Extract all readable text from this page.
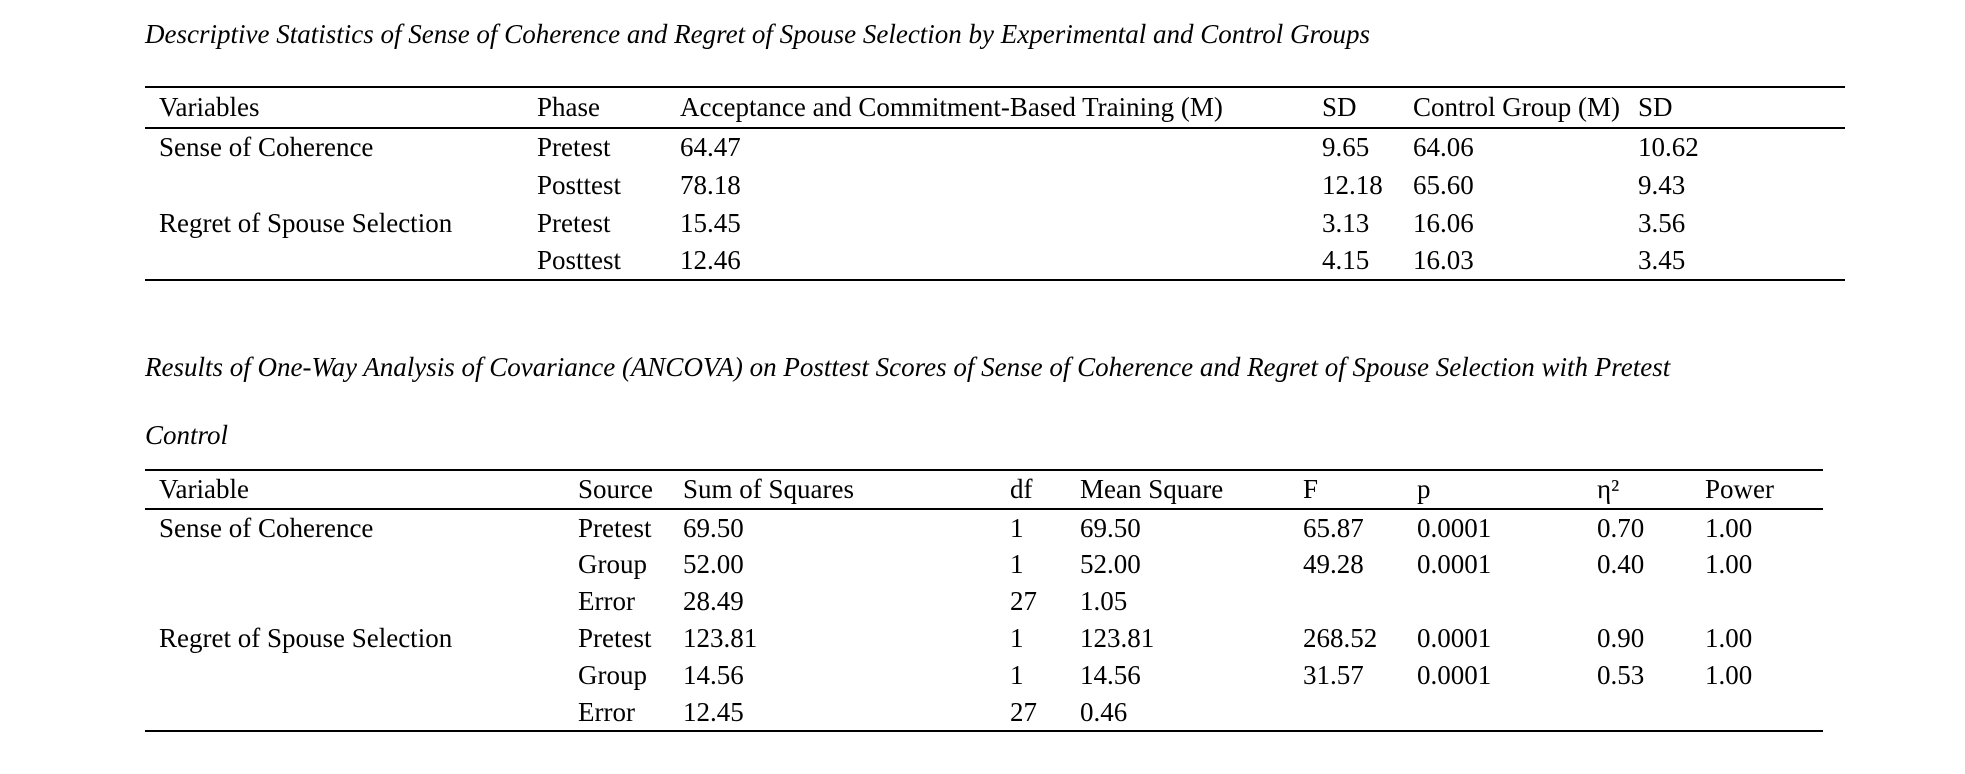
Descriptive Statistics of Sense of Coherence and Regret of Spouse Selection by Experimental and Control Groups

Variables	Phase	Acceptance and Commitment-Based Training (M)	SD	Control Group (M)	SD
Sense of Coherence	Pretest	64.47	9.65	64.06	10.62
	Posttest	78.18	12.18	65.60	9.43
Regret of Spouse Selection	Pretest	15.45	3.13	16.06	3.56
	Posttest	12.46	4.15	16.03	3.45

Results of One-Way Analysis of Covariance (ANCOVA) on Posttest Scores of Sense of Coherence and Regret of Spouse Selection with Pretest
Control

Variable	Source	Sum of Squares	df	Mean Square	F	p	η²	Power
Sense of Coherence	Pretest	69.50	1	69.50	65.87	0.0001	0.70	1.00
	Group	52.00	1	52.00	49.28	0.0001	0.40	1.00
	Error	28.49	27	1.05				
Regret of Spouse Selection	Pretest	123.81	1	123.81	268.52	0.0001	0.90	1.00
	Group	14.56	1	14.56	31.57	0.0001	0.53	1.00
	Error	12.45	27	0.46				
